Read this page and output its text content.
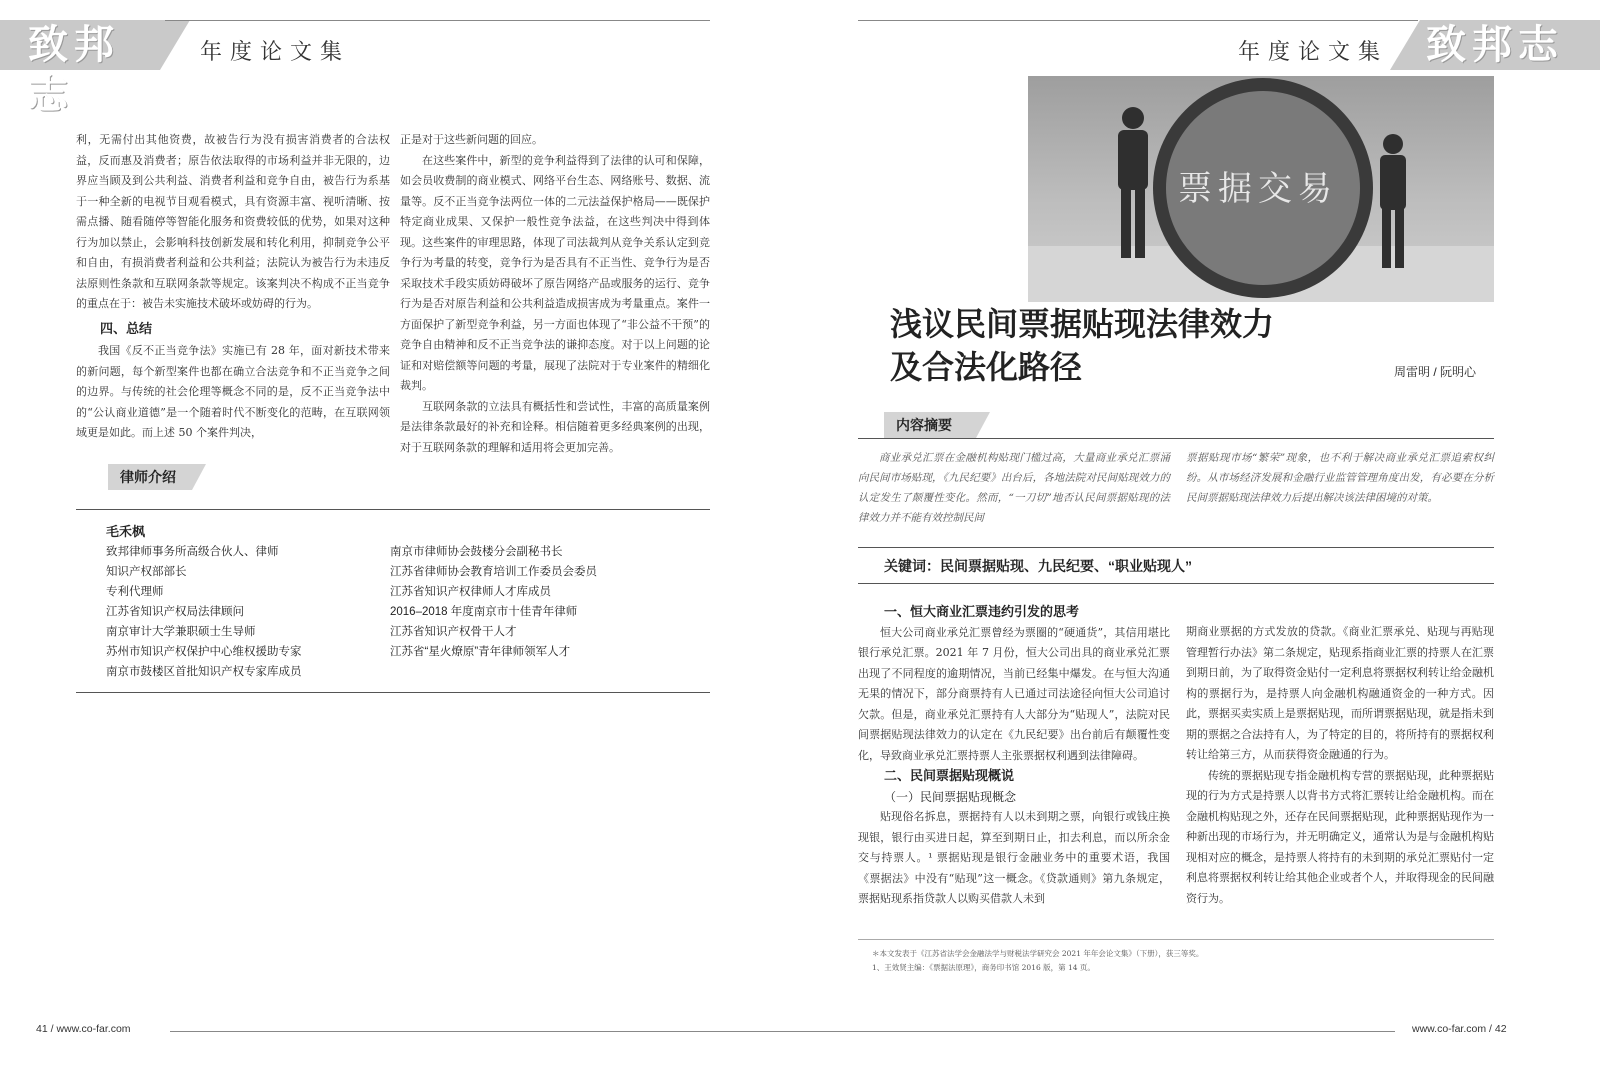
致邦志
年度论文集	年度论文集 致邦志

利，无需付出其他资费，故被告行为没有损害消费者的合法权益，反而惠及消费者；原告依法取得的市场利益并非无限的，边界应当顾及到公共利益、消费者利益和竞争自由，被告行为系基于一种全新的电视节目观看模式，具有资源丰富、视听清晰、按需点播、随看随停等智能化服务和资费较低的优势，如果对这种行为加以禁止，会影响科技创新发展和转化利用，抑制竞争公平和自由，有损消费者利益和公共利益；法院认为被告行为未违反法原则性条款和互联网条款等规定。该案判决不构成不正当竞争的重点在于：被告未实施技术破坏或妨碍的行为。

四、总结

我国《反不正当竞争法》实施已有 28 年，面对新技术带来的新问题，每个新型案件也都在确立合法竞争和不正当竞争之间的边界。与传统的社会伦理等概念不同的是，反不正当竞争法中的“公认商业道德”是一个随着时代不断变化的范畴，在互联网领域更是如此。而上述 50 个案件判决，

正是对于这些新问题的回应。

在这些案件中，新型的竞争利益得到了法律的认可和保障，如会员收费制的商业模式、网络平台生态、网络账号、数据、流量等。反不正当竞争法两位一体的二元法益保护格局——既保护特定商业成果、又保护一般性竞争法益，在这些判决中得到体现。这些案件的审理思路，体现了司法裁判从竞争关系认定到竞争行为考量的转变，竞争行为是否具有不正当性、竞争行为是否采取技术手段实质妨碍破坏了原告网络产品或服务的运行、竞争行为是否对原告利益和公共利益造成损害成为考量重点。案件一方面保护了新型竞争利益，另一方面也体现了“非公益不干预”的竞争自由精神和反不正当竞争法的谦抑态度。对于以上问题的论证和对赔偿额等问题的考量，展现了法院对于专业案件的精细化裁判。

互联网条款的立法具有概括性和尝试性，丰富的高质量案例是法律条款最好的补充和诠释。相信随着更多经典案例的出现，对于互联网条款的理解和适用将会更加完善。

律师介绍
毛禾枫
致邦律师事务所高级合伙人、律师
知识产权部部长
专利代理师
江苏省知识产权局法律顾问
南京审计大学兼职硕士生导师
苏州市知识产权保护中心维权援助专家
南京市鼓楼区首批知识产权专家库成员
南京市律师协会鼓楼分会副秘书长
江苏省律师协会教育培训工作委员会委员
江苏省知识产权律师人才库成员
2016–2018 年度南京市十佳青年律师
江苏省知识产权骨干人才
江苏省“星火燎原”青年律师领军人才
41 / www.co-far.com
票据交易
浅议民间票据贴现法律效力
及合法化路径	周雷明 / 阮明心
内容摘要

商业承兑汇票在金融机构贴现门槛过高，大量商业承兑汇票涌向民间市场贴现，《九民纪要》出台后，各地法院对民间贴现效力的认定发生了颠覆性变化。然而，“一刀切”地否认民间票据贴现的法律效力并不能有效控制民间

票据贴现市场“繁荣”现象，也不利于解决商业承兑汇票追索权纠纷。从市场经济发展和金融行业监管管理角度出发，有必要在分析民间票据贴现法律效力后提出解决该法律困境的对策。

关键词：民间票据贴现、九民纪要、“职业贴现人”
一、恒大商业汇票违约引发的思考

恒大公司商业承兑汇票曾经为票圈的“硬通货”，其信用堪比银行承兑汇票。2021 年 7 月份，恒大公司出具的商业承兑汇票出现了不同程度的逾期情况，当前已经集中爆发。在与恒大沟通无果的情况下，部分商票持有人已通过司法途径向恒大公司追讨欠款。但是，商业承兑汇票持有人大部分为“贴现人”，法院对民间票据贴现法律效力的认定在《九民纪要》出台前后有颠覆性变化，导致商业承兑汇票持票人主张票据权利遇到法律障碍。

二、民间票据贴现概说
（一）民间票据贴现概念

贴现俗名拆息，票据持有人以未到期之票，向银行或钱庄换现银，银行由买进日起，算至到期日止，扣去利息，而以所余金交与持票人。¹ 票据贴现是银行金融业务中的重要术语，我国《票据法》中没有“贴现”这一概念。《贷款通则》第九条规定，票据贴现系指贷款人以购买借款人未到

期商业票据的方式发放的贷款。《商业汇票承兑、贴现与再贴现管理暂行办法》第二条规定，贴现系指商业汇票的持票人在汇票到期日前，为了取得资金贴付一定利息将票据权利转让给金融机构的票据行为，是持票人向金融机构融通资金的一种方式。因此，票据买卖实质上是票据贴现，而所谓票据贴现，就是指未到期的票据之合法持有人，为了特定的目的，将所持有的票据权利转让给第三方，从而获得资金融通的行为。

传统的票据贴现专指金融机构专营的票据贴现，此种票据贴现的行为方式是持票人以背书方式将汇票转让给金融机构。而在金融机构贴现之外，还存在民间票据贴现，此种票据贴现作为一种新出现的市场行为，并无明确定义，通常认为是与金融机构贴现相对应的概念，是持票人将持有的未到期的承兑汇票贴付一定利息将票据权利转让给其他企业或者个人，并取得现金的民间融资行为。

＊本文发表于《江苏省法学会金融法学与财税法学研究会 2021 年年会论文集》（下册），获三等奖。
1、王效贤主编：《票据法原理》，商务印书馆 2016 版，第 14 页。
www.co-far.com / 42
